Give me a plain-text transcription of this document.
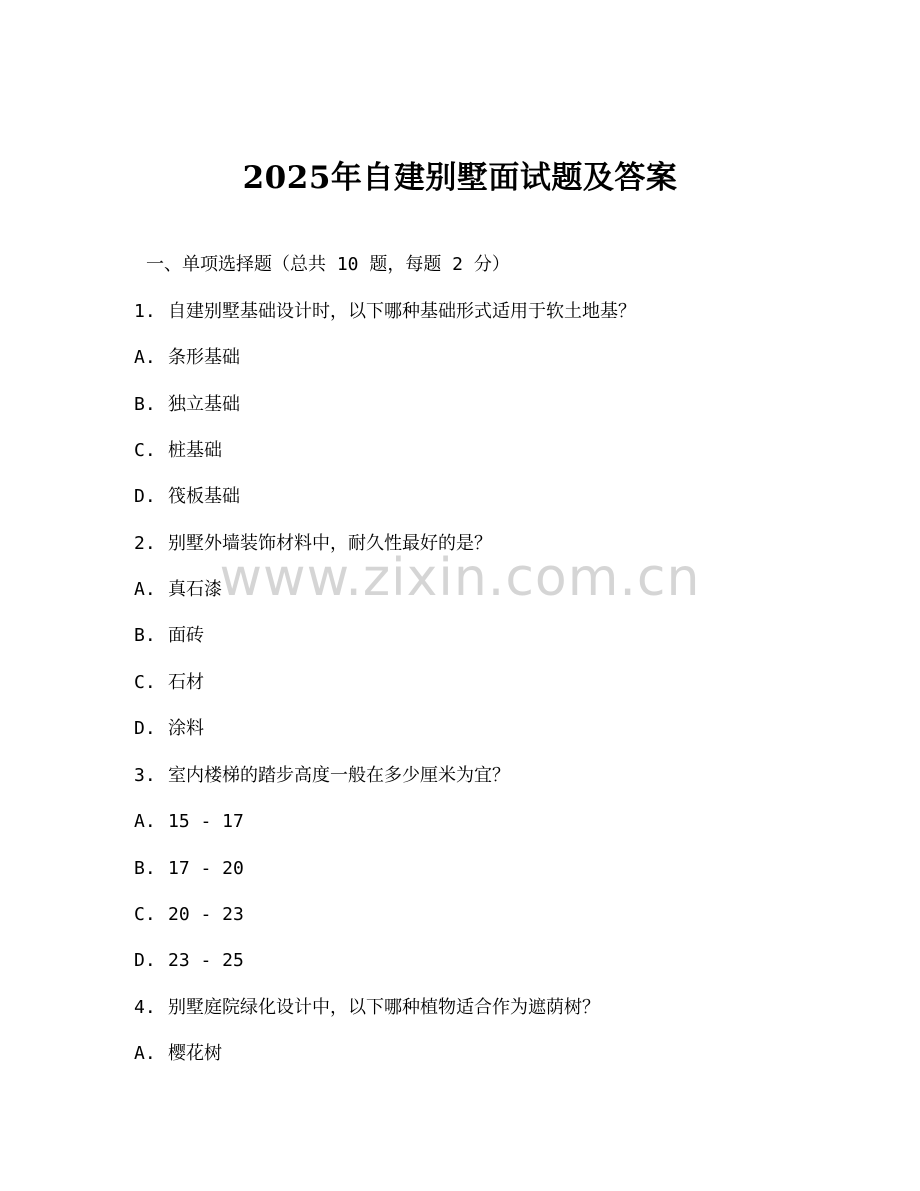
2025年自建别墅面试题及答案
一、单项选择题（总共 10 题，每题 2 分）
1. 自建别墅基础设计时，以下哪种基础形式适用于软土地基？
A. 条形基础
B. 独立基础
C. 桩基础
D. 筏板基础
2. 别墅外墙装饰材料中，耐久性最好的是？
A. 真石漆
B. 面砖
C. 石材
D. 涂料
3. 室内楼梯的踏步高度一般在多少厘米为宜？
A. 15 - 17
B. 17 - 20
C. 20 - 23
D. 23 - 25
4. 别墅庭院绿化设计中，以下哪种植物适合作为遮荫树？
A. 樱花树
www.zixin.com.cn
